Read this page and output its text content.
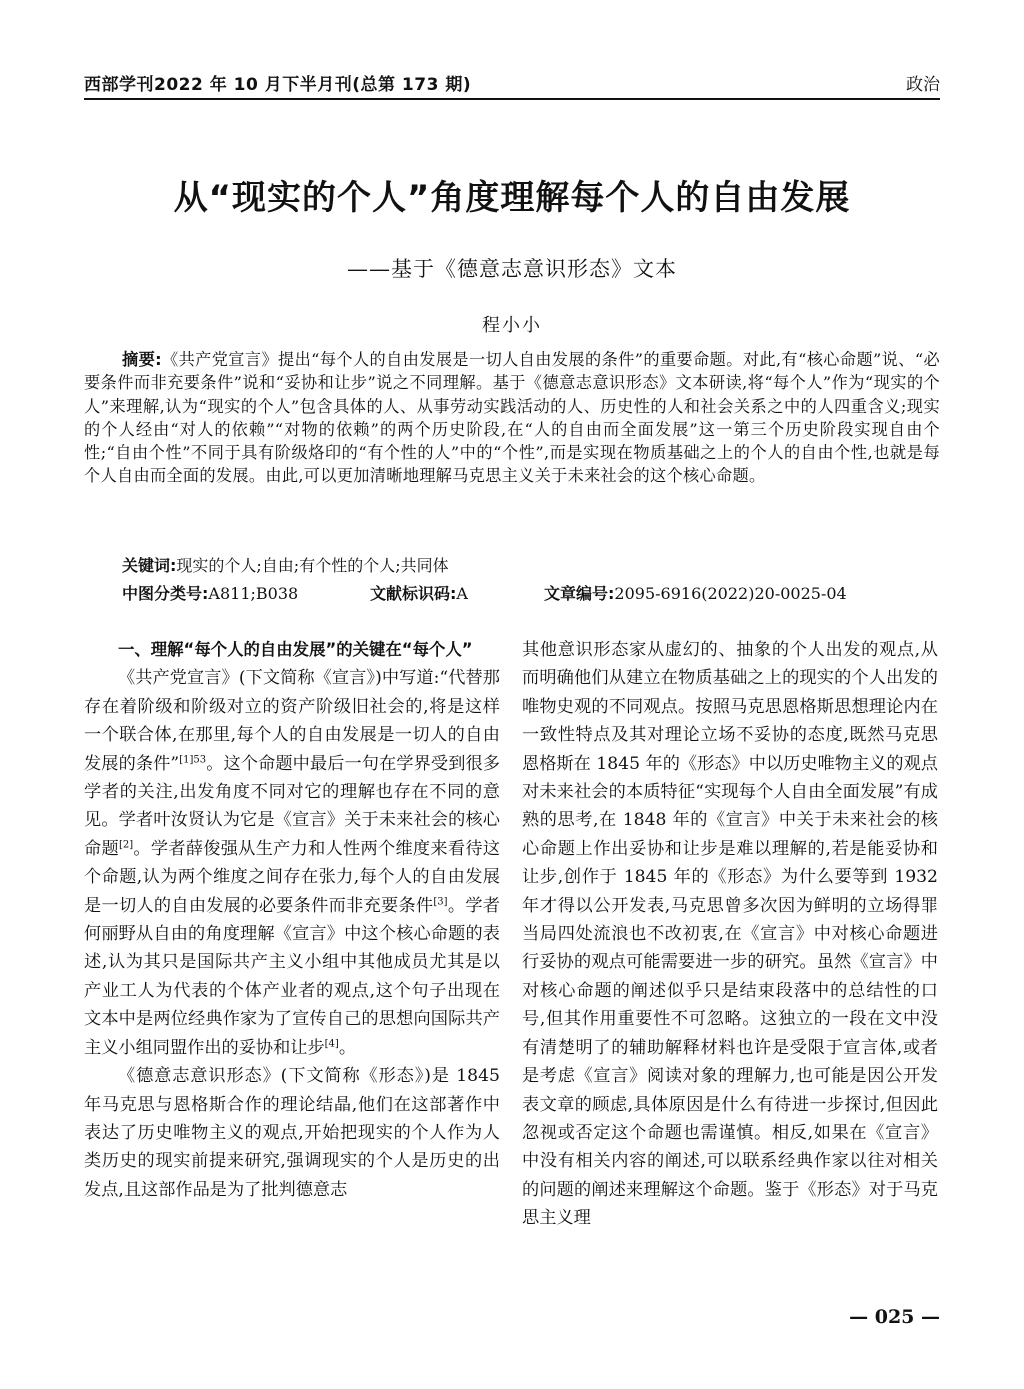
西部学刊2022 年 10 月下半月刊(总第 173 期)	政治
从“现实的个人”角度理解每个人的自由发展
——基于《德意志意识形态》文本
程小小
摘要:《共产党宣言》提出“每个人的自由发展是一切人自由发展的条件”的重要命题。对此,有“核心命题”说、“必要条件而非充要条件”说和“妥协和让步”说之不同理解。基于《德意志意识形态》文本研读,将“每个人”作为“现实的个人”来理解,认为“现实的个人”包含具体的人、从事劳动实践活动的人、历史性的人和社会关系之中的人四重含义;现实的个人经由“对人的依赖”“对物的依赖”的两个历史阶段,在“人的自由而全面发展”这一第三个历史阶段实现自由个性;“自由个性”不同于具有阶级烙印的“有个性的人”中的“个性”,而是实现在物质基础之上的个人的自由个性,也就是每个人自由而全面的发展。由此,可以更加清晰地理解马克思主义关于未来社会的这个核心命题。
关键词:现实的个人;自由;有个性的个人;共同体
中图分类号:A811;B038	文献标识码:A	文章编号:2095-6916(2022)20-0025-04

一、理解“每个人的自由发展”的关键在“每个人”

《共产党宣言》(下文简称《宣言》)中写道:“代替那存在着阶级和阶级对立的资产阶级旧社会的,将是这样一个联合体,在那里,每个人的自由发展是一切人的自由发展的条件”$^{[1]53}$。这个命题中最后一句在学界受到很多学者的关注,出发角度不同对它的理解也存在不同的意见。学者叶汝贤认为它是《宣言》关于未来社会的核心命题[2]。学者薛俊强从生产力和人性两个维度来看待这个命题,认为两个维度之间存在张力,每个人的自由发展是一切人的自由发展的必要条件而非充要条件[3]。学者何丽野从自由的角度理解《宣言》中这个核心命题的表述,认为其只是国际共产主义小组中其他成员尤其是以产业工人为代表的个体产业者的观点,这个句子出现在文本中是两位经典作家为了宣传自己的思想向国际共产主义小组同盟作出的妥协和让步[4]。

《德意志意识形态》(下文简称《形态》)是 1845 年马克思与恩格斯合作的理论结晶,他们在这部著作中表达了历史唯物主义的观点,开始把现实的个人作为人类历史的现实前提来研究,强调现实的个人是历史的出发点,且这部作品是为了批判德意志

其他意识形态家从虚幻的、抽象的个人出发的观点,从而明确他们从建立在物质基础之上的现实的个人出发的唯物史观的不同观点。按照马克思恩格斯思想理论内在一致性特点及其对理论立场不妥协的态度,既然马克思恩格斯在 1845 年的《形态》中以历史唯物主义的观点对未来社会的本质特征“实现每个人自由全面发展”有成熟的思考,在 1848 年的《宣言》中关于未来社会的核心命题上作出妥协和让步是难以理解的,若是能妥协和让步,创作于 1845 年的《形态》为什么要等到 1932 年才得以公开发表,马克思曾多次因为鲜明的立场得罪当局四处流浪也不改初衷,在《宣言》中对核心命题进行妥协的观点可能需要进一步的研究。虽然《宣言》中对核心命题的阐述似乎只是结束段落中的总结性的口号,但其作用重要性不可忽略。这独立的一段在文中没有清楚明了的辅助解释材料也许是受限于宣言体,或者是考虑《宣言》阅读对象的理解力,也可能是因公开发表文章的顾虑,具体原因是什么有待进一步探讨,但因此忽视或否定这个命题也需谨慎。相反,如果在《宣言》中没有相关内容的阐述,可以联系经典作家以往对相关的问题的阐述来理解这个命题。鉴于《形态》对于马克思主义理

— 025 —
